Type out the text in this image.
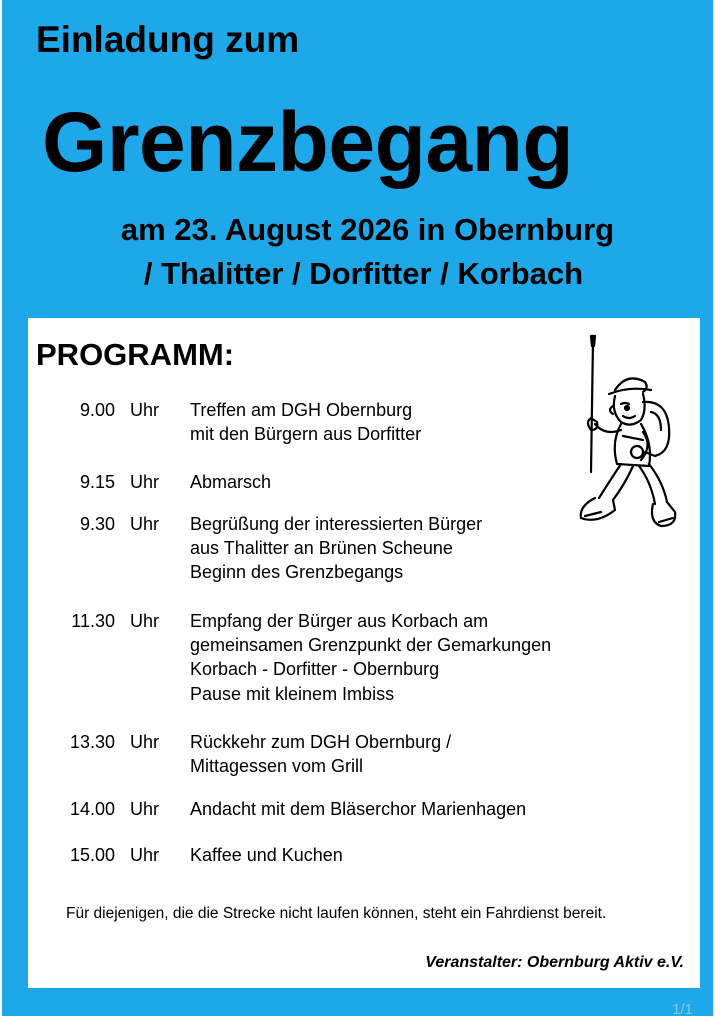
Einladung zum
Grenzbegang
am 23. August 2026 in Obernburg
/ Thalitter / Dorfitter / Korbach
PROGRAMM:
9.00 Uhr Treffen am DGH Obernburg
mit den Bürgern aus Dorfitter
9.15 Uhr Abmarsch
9.30 Uhr Begrüßung der interessierten Bürger
aus Thalitter an Brünen Scheune
Beginn des Grenzbegangs
11.30 Uhr Empfang der Bürger aus Korbach am
gemeinsamen Grenzpunkt der Gemarkungen
Korbach - Dorfitter - Obernburg
Pause mit kleinem Imbiss
13.30 Uhr Rückkehr zum DGH Obernburg /
Mittagessen vom Grill
14.00 Uhr Andacht mit dem Bläserchor Marienhagen
15.00 Uhr Kaffee und Kuchen
Für diejenigen, die die Strecke nicht laufen können, steht ein Fahrdienst bereit.
Veranstalter: Obernburg Aktiv e.V.
1/1
